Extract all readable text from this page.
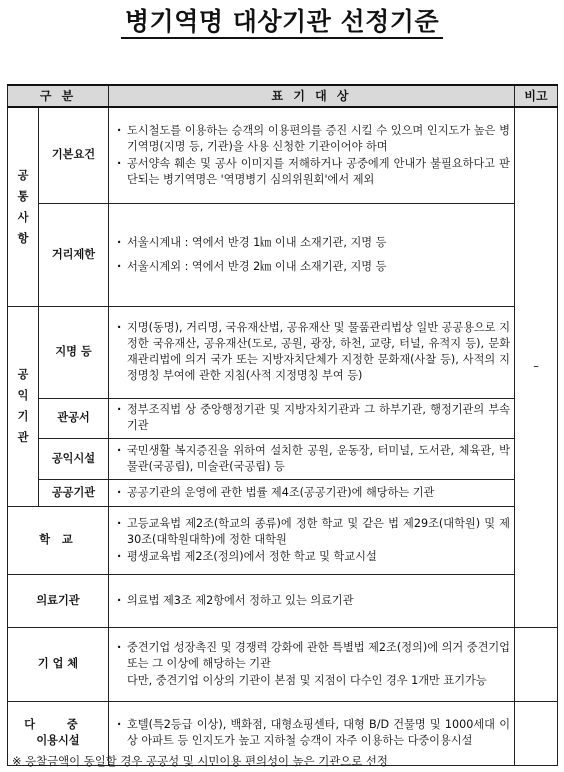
병기역명 대상기관 선정기준
구 분		표 기 대 상	비고
공통사항	기본요건	· 도시철도를 이용하는 승객의 이용편의를 증진 시킬 수 있으며 인지도가 높은 병기역명(지명 등, 기관)을 사용 신청한 기관이어야 하며
· 공서양속 훼손 및 공사 이미지를 저해하거나 공중에게 안내가 불필요하다고 판단되는 병기역명은 '역명병기 심의위원회'에서 제외	–
	거리제한	· 서울시계내 : 역에서 반경 1㎞ 이내 소재기관, 지명 등
· 서울시계외 : 역에서 반경 2㎞ 이내 소재기관, 지명 등

공익기관	지명 등	· 지명(동명), 거리명, 국유재산법, 공유재산 및 물품관리법상 일반 공공용으로 지정한 국유재산, 공유재산(도로, 공원, 광장, 하천, 교량, 터널, 유적지 등), 문화재관리법에 의거 국가 또는 지방자치단체가 지정한 문화재(사찰 등), 사적의 지정명칭 부여에 관한 지침(사적 지정명칭 부여 등)

	관공서	· 정부조직법 상 중앙행정기관 및 지방자치기관과 그 하부기관, 행정기관의 부속 기관

	공익시설	· 국민생활 복지증진을 위하여 설치한 공원, 운동장, 터미널, 도서관, 체육관, 박물관(국공립), 미술관(국공립) 등

	공공기관	· 공공기관의 운영에 관한 법률 제4조(공공기관)에 해당하는 기관

학 교		· 고등교육법 제2조(학교의 종류)에 정한 학교 및 같은 법 제29조(대학원) 및 제30조(대학원대학)에 정한 대학원
· 평생교육법 제2조(정의)에서 정한 학교 및 학교시설

의료기관		· 의료법 제3조 제2항에서 정하고 있는 의료기관

기 업 체		· 중견기업 성장촉진 및 경쟁력 강화에 관한 특별법 제2조(정의)에 의거 중견기업 또는 그 이상에 해당하는 기관
다만, 중견기업 이상의 기관이 본점 및 지점이 다수인 경우 1개만 표기가능

다 중
이용시설		· 호텔(특2등급 이상), 백화점, 대형쇼핑센타, 대형 B/D 건물명 및 1000세대 이상 아파트 등 인지도가 높고 지하철 승객이 자주 이용하는 다중이용시설

※ 응찰금액이 동일할 경우 공공성 및 시민이용 편의성이 높은 기관으로 선정
